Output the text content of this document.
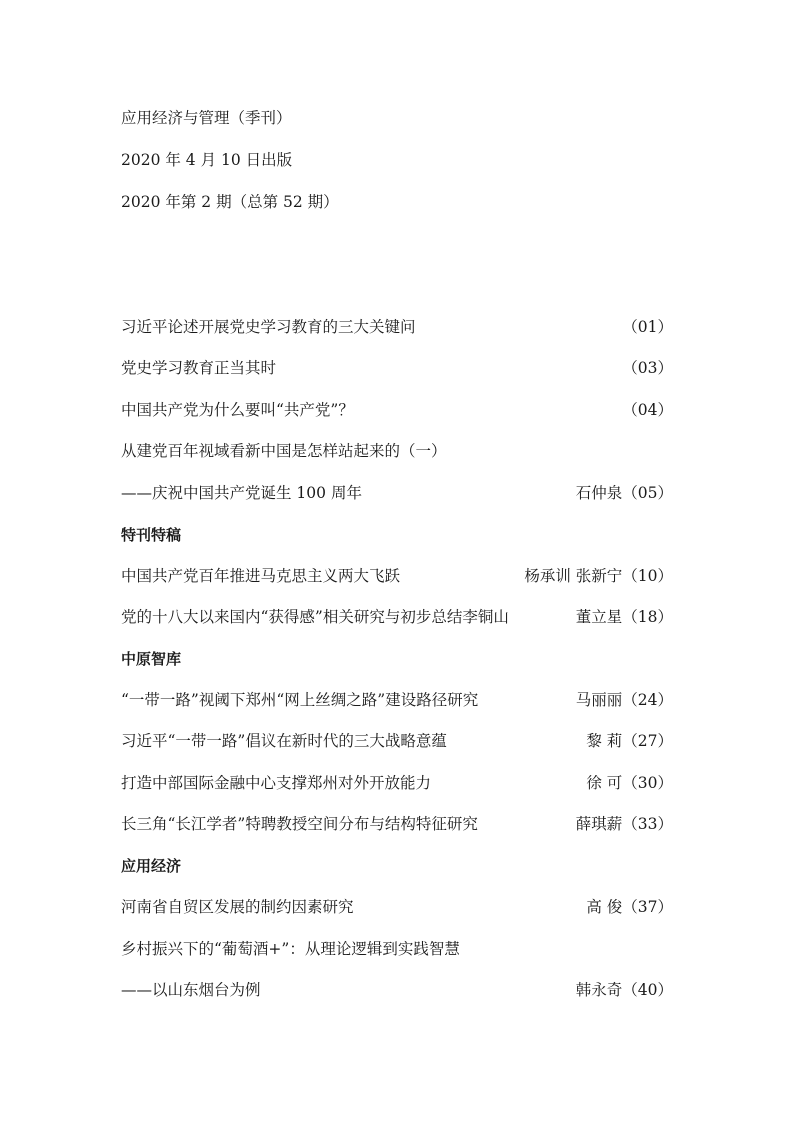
应用经济与管理（季刊）
2020 年 4 月 10 日出版
2020 年第 2 期（总第 52 期）
习近平论述开展党史学习教育的三大关键问	（01）
党史学习教育正当其时	（03）
中国共产党为什么要叫“共产党”？	（04）
从建党百年视域看新中国是怎样站起来的（一）
——庆祝中国共产党诞生 100 周年	石仲泉（05）
特刊特稿
中国共产党百年推进马克思主义两大飞跃	杨承训 张新宁（10）
党的十八大以来国内“获得感”相关研究与初步总结李铜山	董立星（18）
中原智库
“一带一路”视阈下郑州“网上丝绸之路”建设路径研究	马丽丽（24）
习近平“一带一路”倡议在新时代的三大战略意蕴	黎 莉（27）
打造中部国际金融中心支撑郑州对外开放能力	徐 可（30）
长三角“长江学者”特聘教授空间分布与结构特征研究	薛琪薪（33）
应用经济
河南省自贸区发展的制约因素研究	高 俊（37）
乡村振兴下的“葡萄酒+”：从理论逻辑到实践智慧
——以山东烟台为例	韩永奇（40）
